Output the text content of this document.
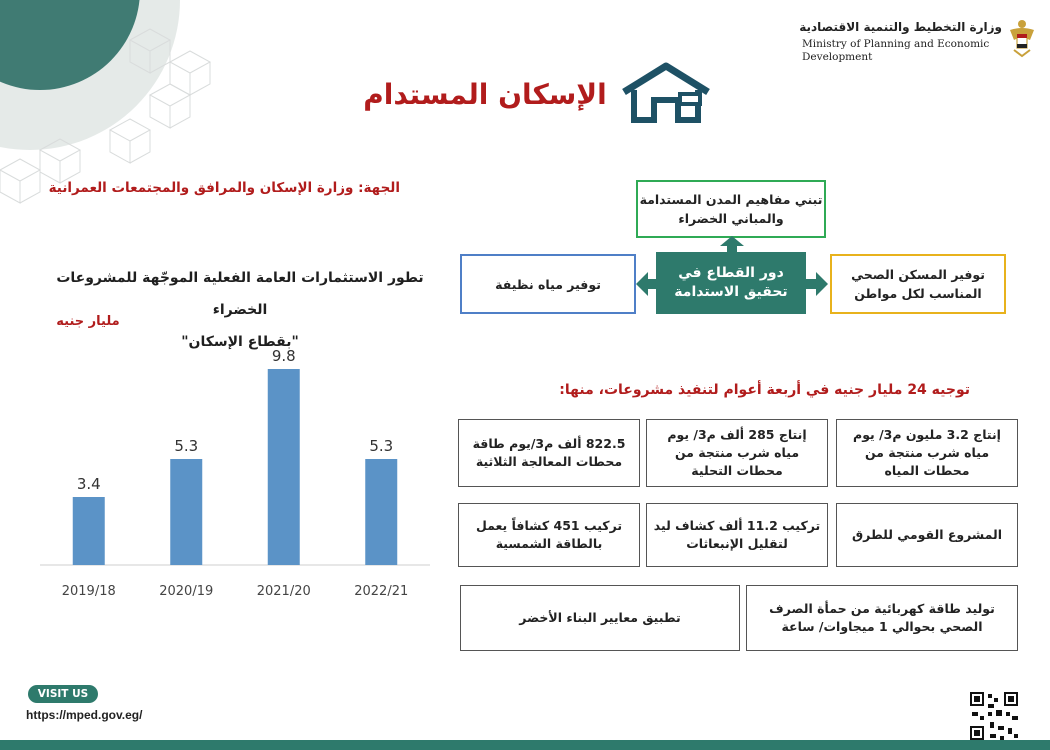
وزارة التخطيط والتنمية الاقتصادية
Ministry of Planning and Economic Development
الإسكان المستدام
الجهة: وزارة الإسكان والمرافق والمجتمعات العمرانية
تطور الاستثمارات العامة الفعلية الموجّهة للمشروعات الخضراء
"بقطاع الإسكان"
مليار جنيه
3.4
2019/18
5.3
2020/19
9.8
2021/20
5.3
2022/21
تبني مفاهيم المدن المستدامة والمباني الخضراء
توفير مياه نظيفة
توفير المسكن الصحي المناسب لكل مواطن
دور القطاع في تحقيق الاستدامة
توجيه 24 مليار جنيه في أربعة أعوام لتنفيذ مشروعات، منها:
إنتاج 3.2 مليون م3/ يوم مياه شرب منتجة من محطات المياه
إنتاج 285 ألف م3/ يوم مياه شرب منتجة من محطات التحلية
822.5 ألف م3/يوم طاقة محطات المعالجة الثلاثية
المشروع القومي للطرق
تركيب 11.2 ألف كشاف ليد لتقليل الإنبعاثات
تركيب 451 كشافاً يعمل بالطاقة الشمسية
توليد طاقة كهربائية من حمأة الصرف الصحي بحوالي 1 ميجاوات/ ساعة
تطبيق معايير البناء الأخضر
VISIT US
https://mped.gov.eg/
